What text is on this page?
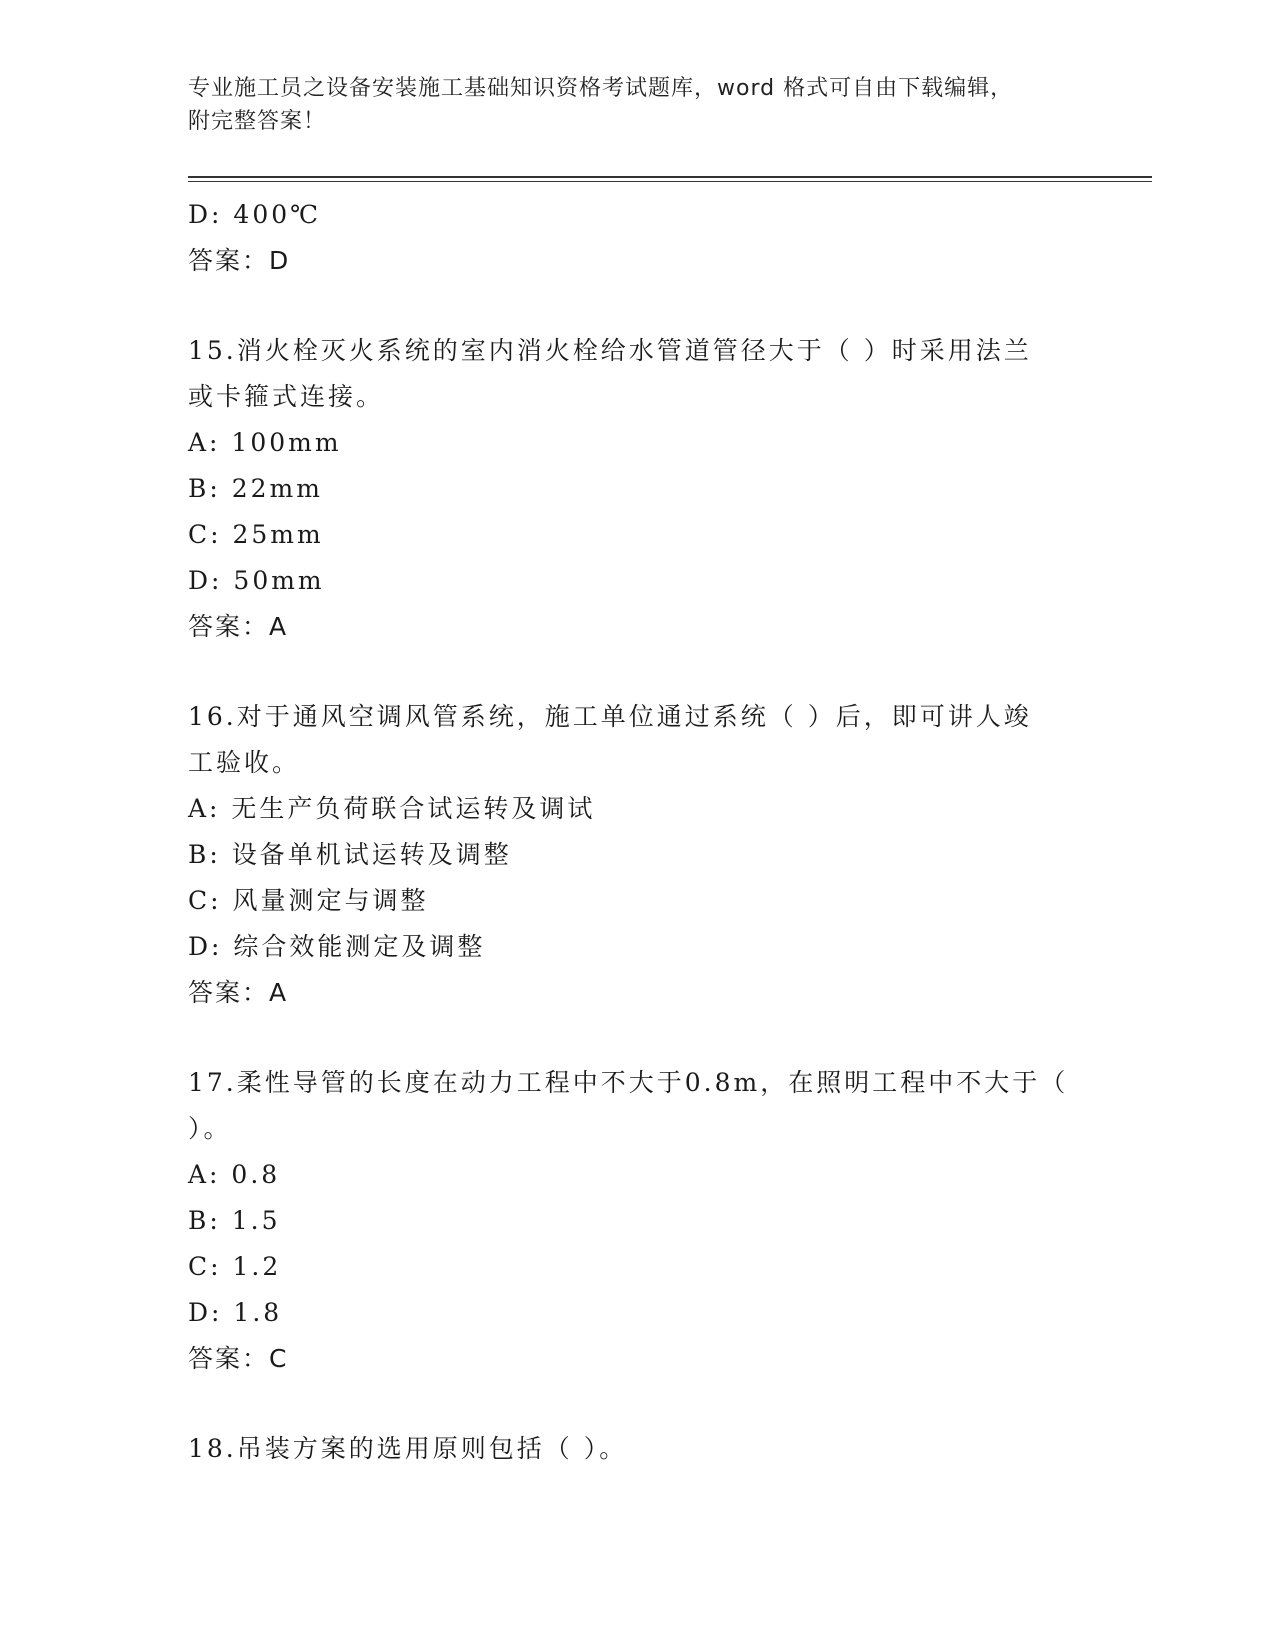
专业施工员之设备安装施工基础知识资格考试题库，word 格式可自由下载编辑，
附完整答案！
D: 400℃
答案：D
15.消火栓灭火系统的室内消火栓给水管道管径大于（ ）时采用法兰
或卡箍式连接。
A: 100mm
B: 22mm
C: 25mm
D: 50mm
答案：A
16.对于通风空调风管系统，施工单位通过系统（ ）后，即可讲人竣
工验收。
A: 无生产负荷联合试运转及调试
B: 设备单机试运转及调整
C: 风量测定与调整
D: 综合效能测定及调整
答案：A
17.柔性导管的长度在动力工程中不大于0.8m，在照明工程中不大于（
）。
A: 0.8
B: 1.5
C: 1.2
D: 1.8
答案：C
18.吊装方案的选用原则包括（ ）。
